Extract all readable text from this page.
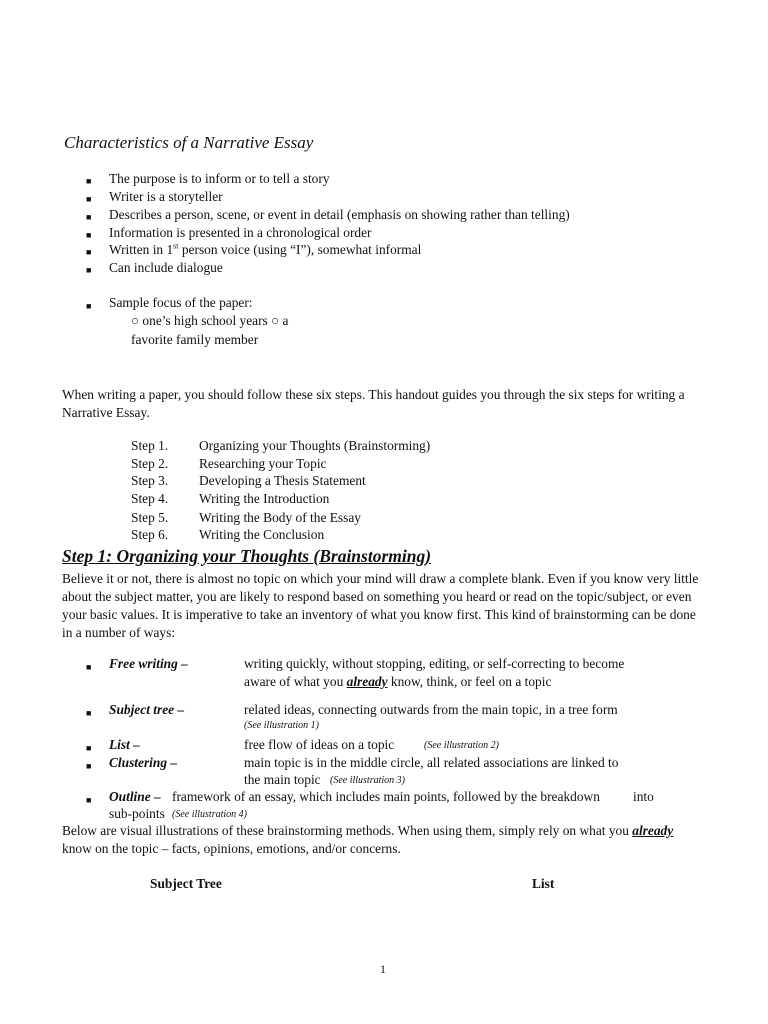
Characteristics of a Narrative Essay
■ The purpose is to inform or to tell a story
■ Writer is a storyteller
■ Describes a person, scene, or event in detail (emphasis on showing rather than telling)
■ Information is presented in a chronological order
■ Written in 1st person voice (using “I”), somewhat informal
■ Can include dialogue
■ Sample focus of the paper:
○ one’s high school years ○ a
favorite family member
When writing a paper, you should follow these six steps. This handout guides you through the six steps for writing a Narrative Essay.
Step 1. Organizing your Thoughts (Brainstorming)
Step 2. Researching your Topic
Step 3. Developing a Thesis Statement
Step 4. Writing the Introduction
Step 5. Writing the Body of the Essay
Step 6. Writing the Conclusion
Step 1: Organizing your Thoughts (Brainstorming)
Believe it or not, there is almost no topic on which your mind will draw a complete blank. Even if you know very little about the subject matter, you are likely to respond based on something you heard or read on the topic/subject, or even your basic values. It is imperative to take an inventory of what you know first. This kind of brainstorming can be done in a number of ways:
■ Free writing –	writing quickly, without stopping, editing, or self-correcting to become
aware of what you already know, think, or feel on a topic
■ Subject tree –	related ideas, connecting outwards from the main topic, in a tree form
(See illustration 1)
■ List –	free flow of ideas on a topic	(See illustration 2)
■ Clustering –	main topic is in the middle circle, all related associations are linked to
the main topic (See illustration 3)
■ Outline – framework of an essay, which includes main points, followed by the breakdown into
sub-points (See illustration 4)
Below are visual illustrations of these brainstorming methods. When using them, simply rely on what you already
know on the topic – facts, opinions, emotions, and/or concerns.
Subject Tree	List
1
